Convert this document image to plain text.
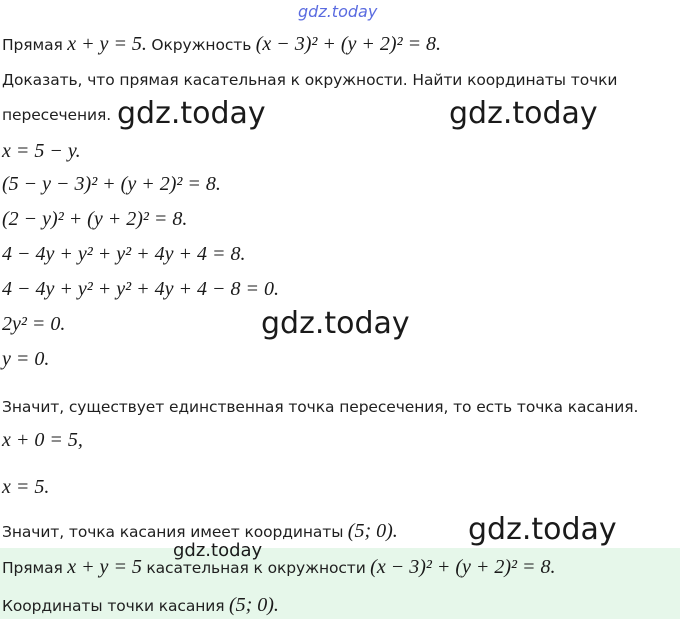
gdz.today
Прямая x + y = 5. Окружность (x − 3)² + (y + 2)² = 8.
Доказать, что прямая касательная к окружности. Найти координаты точки
пересечения. gdz.today	gdz.today
x = 5 − y.
(5 − y − 3)² + (y + 2)² = 8.
(2 − y)² + (y + 2)² = 8.
4 − 4y + y² + y² + 4y + 4 = 8.
4 − 4y + y² + y² + 4y + 4 − 8 = 0.
2y² = 0.
y = 0.
gdz.today
Значит, существует единственная точка пересечения, то есть точка касания.
x + 0 = 5,
x = 5.
Значит, точка касания имеет координаты (5; 0). gdz.today
Прямая x + y = 5 касательная к окружности (x − 3)² + (y + 2)² = 8.
gdz.today
Координаты точки касания (5; 0).
